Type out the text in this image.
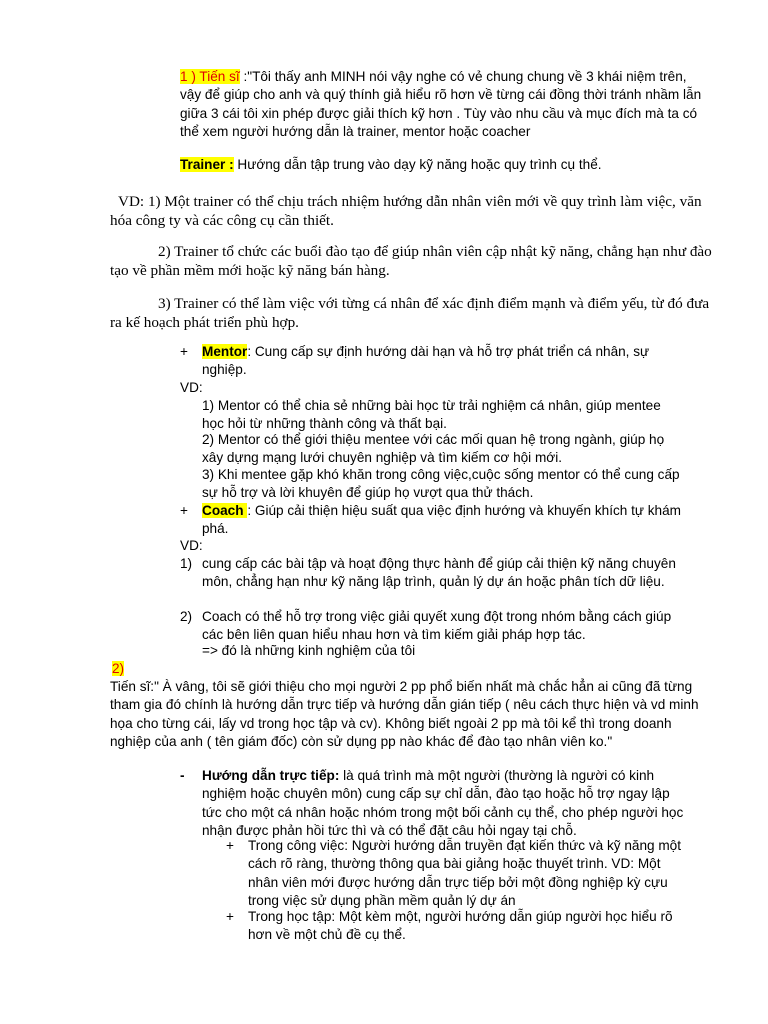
1 ) Tiến sĩ :"Tôi thấy anh MINH nói vậy nghe có vẻ chung chung về 3 khái niệm trên, vậy để giúp cho anh và quý thính giả hiểu rõ hơn về từng cái đồng thời tránh nhầm lẫn giữa 3 cái tôi xin phép được giải thích kỹ hơn . Tùy vào nhu cầu và mục đích mà ta có thể xem người hướng dẫn là trainer, mentor hoặc coacher
Trainer : Hướng dẫn tập trung vào dạy kỹ năng hoặc quy trình cụ thể.
VD: 1) Một trainer có thể chịu trách nhiệm hướng dẫn nhân viên mới về quy trình làm việc, văn hóa công ty và các công cụ cần thiết.
2) Trainer tổ chức các buổi đào tạo để giúp nhân viên cập nhật kỹ năng, chẳng hạn như đào tạo về phần mềm mới hoặc kỹ năng bán hàng.
3) Trainer có thể làm việc với từng cá nhân để xác định điểm mạnh và điểm yếu, từ đó đưa ra kế hoạch phát triển phù hợp.
+ Mentor: Cung cấp sự định hướng dài hạn và hỗ trợ phát triển cá nhân, sự nghiệp.
VD:
1) Mentor có thể chia sẻ những bài học từ trải nghiệm cá nhân, giúp mentee học hỏi từ những thành công và thất bại.
2) Mentor có thể giới thiệu mentee với các mối quan hệ trong ngành, giúp họ xây dựng mạng lưới chuyên nghiệp và tìm kiếm cơ hội mới.
3) Khi mentee gặp khó khăn trong công việc,cuộc sống mentor có thể cung cấp sự hỗ trợ và lời khuyên để giúp họ vượt qua thử thách.
+ Coach : Giúp cải thiện hiệu suất qua việc định hướng và khuyến khích tự khám phá.
VD:
1) cung cấp các bài tập và hoạt động thực hành để giúp cải thiện kỹ năng chuyên môn, chẳng hạn như kỹ năng lập trình, quản lý dự án hoặc phân tích dữ liệu.
2) Coach có thể hỗ trợ trong việc giải quyết xung đột trong nhóm bằng cách giúp các bên liên quan hiểu nhau hơn và tìm kiếm giải pháp hợp tác.
=> đó là những kinh nghiệm của tôi
2)
Tiến sĩ:" À vâng, tôi sẽ giới thiệu cho mọi người 2 pp phổ biến nhất mà chắc hẳn ai cũng đã từng tham gia đó chính là hướng dẫn trực tiếp và hướng dẫn gián tiếp ( nêu cách thực hiện và vd minh họa cho từng cái, lấy vd trong học tập và cv). Không biết ngoài 2 pp mà tôi kể thì trong doanh nghiệp của anh ( tên giám đốc) còn sử dụng pp nào khác để đào tạo nhân viên ko."
- Hướng dẫn trực tiếp: là quá trình mà một người (thường là người có kinh nghiệm hoặc chuyên môn) cung cấp sự chỉ dẫn, đào tạo hoặc hỗ trợ ngay lập tức cho một cá nhân hoặc nhóm trong một bối cảnh cụ thể, cho phép người học nhận được phản hồi tức thì và có thể đặt câu hỏi ngay tại chỗ.
+ Trong công việc: Người hướng dẫn truyền đạt kiến thức và kỹ năng một cách rõ ràng, thường thông qua bài giảng hoặc thuyết trình. VD: Một nhân viên mới được hướng dẫn trực tiếp bởi một đồng nghiệp kỳ cựu trong việc sử dụng phần mềm quản lý dự án
+ Trong học tập: Một kèm một, người hướng dẫn giúp người học hiểu rõ hơn về một chủ đề cụ thể.
